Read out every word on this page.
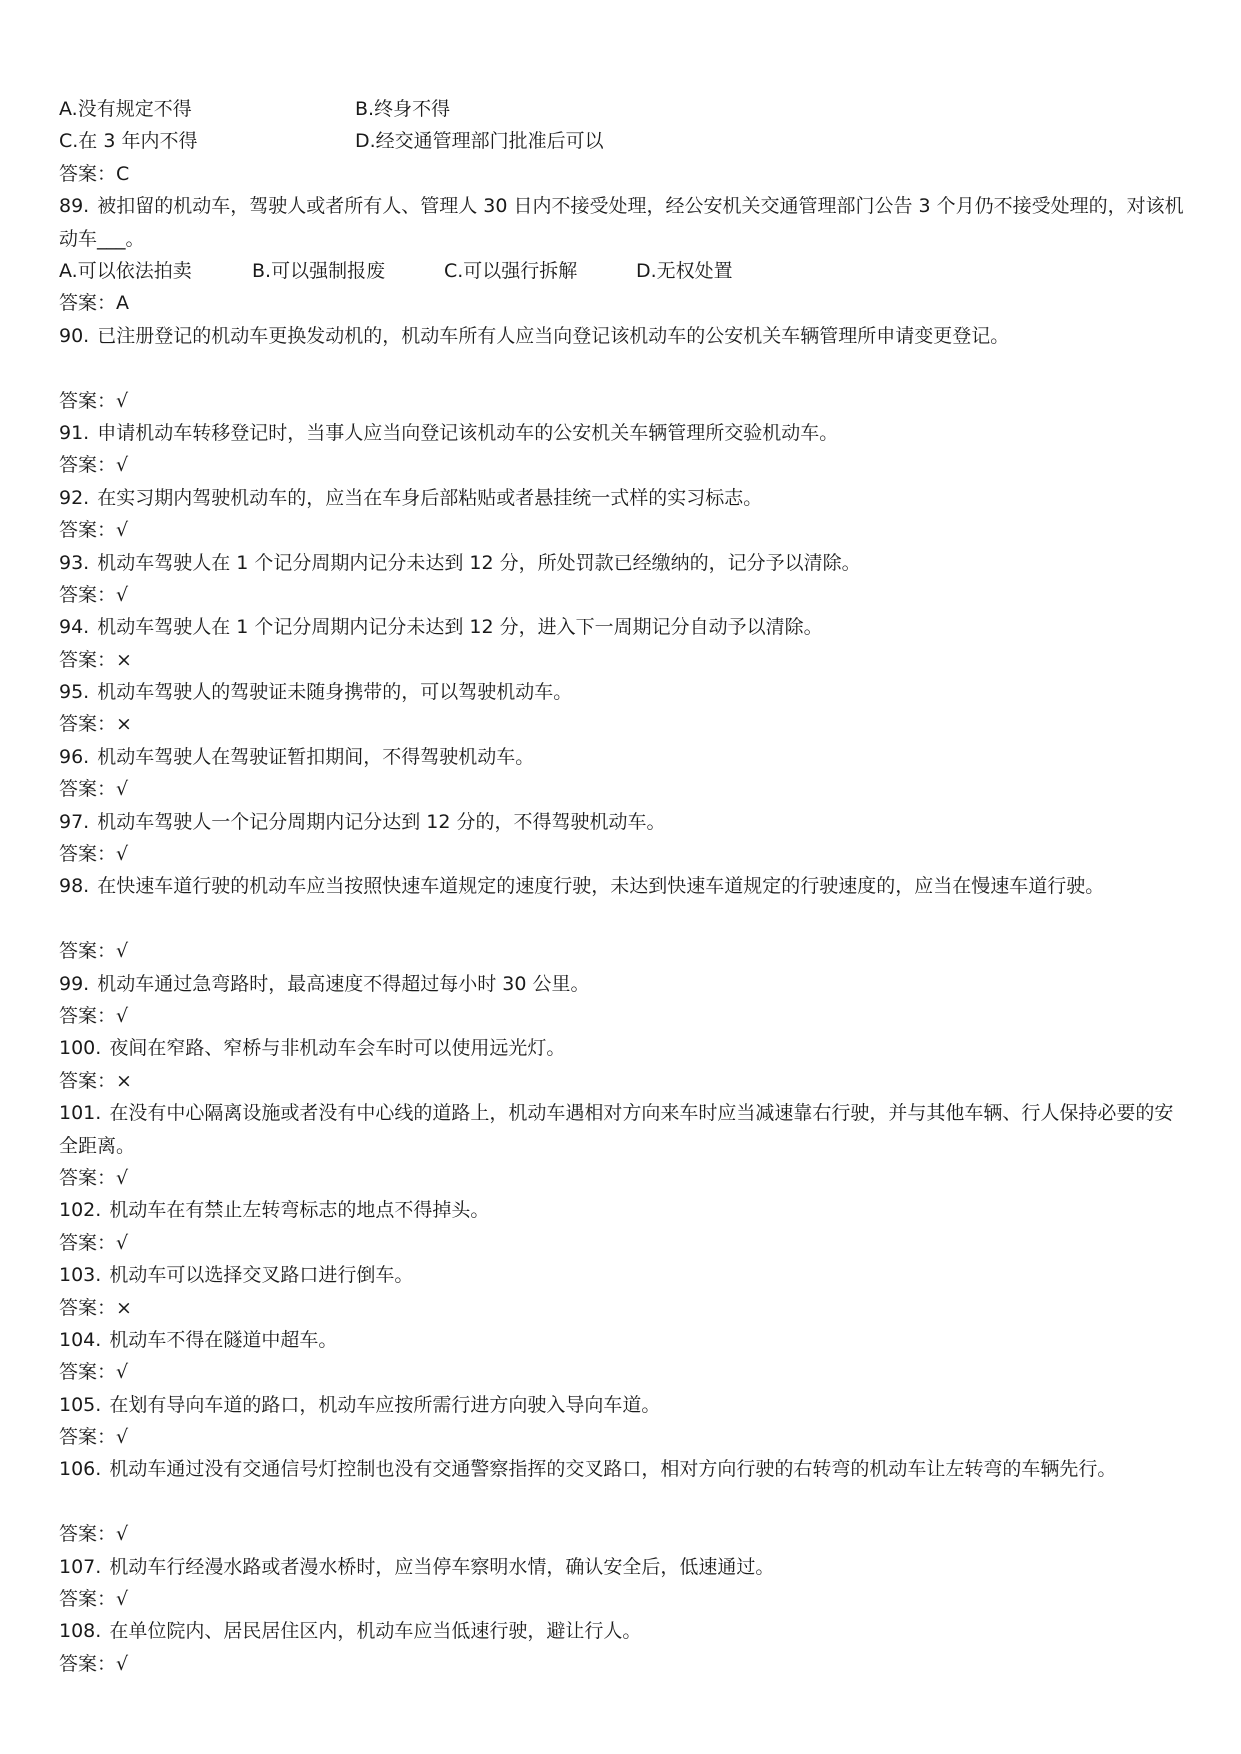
A.没有规定不得	B.终身不得
C.在 3 年内不得	D.经交通管理部门批准后可以
答案：C
89. 被扣留的机动车，驾驶人或者所有人、管理人 30 日内不接受处理，经公安机关交通管理部门公告 3 个月仍不接受处理的，对该机动车___。
A.可以依法拍卖	B.可以强制报废	C.可以强行拆解	D.无权处置
答案：A
90. 已注册登记的机动车更换发动机的，机动车所有人应当向登记该机动车的公安机关车辆管理所申请变更登记。
答案：√
91. 申请机动车转移登记时，当事人应当向登记该机动车的公安机关车辆管理所交验机动车。
答案：√
92. 在实习期内驾驶机动车的，应当在车身后部粘贴或者悬挂统一式样的实习标志。
答案：√
93. 机动车驾驶人在 1 个记分周期内记分未达到 12 分，所处罚款已经缴纳的，记分予以清除。
答案：√
94. 机动车驾驶人在 1 个记分周期内记分未达到 12 分，进入下一周期记分自动予以清除。
答案：×
95. 机动车驾驶人的驾驶证未随身携带的，可以驾驶机动车。
答案：×
96. 机动车驾驶人在驾驶证暂扣期间，不得驾驶机动车。
答案：√
97. 机动车驾驶人一个记分周期内记分达到 12 分的，不得驾驶机动车。
答案：√
98. 在快速车道行驶的机动车应当按照快速车道规定的速度行驶，未达到快速车道规定的行驶速度的，应当在慢速车道行驶。
答案：√
99. 机动车通过急弯路时，最高速度不得超过每小时 30 公里。
答案：√
100. 夜间在窄路、窄桥与非机动车会车时可以使用远光灯。
答案：×
101. 在没有中心隔离设施或者没有中心线的道路上，机动车遇相对方向来车时应当减速靠右行驶，并与其他车辆、行人保持必要的安全距离。
答案：√
102. 机动车在有禁止左转弯标志的地点不得掉头。
答案：√
103. 机动车可以选择交叉路口进行倒车。
答案：×
104. 机动车不得在隧道中超车。
答案：√
105. 在划有导向车道的路口，机动车应按所需行进方向驶入导向车道。
答案：√
106. 机动车通过没有交通信号灯控制也没有交通警察指挥的交叉路口，相对方向行驶的右转弯的机动车让左转弯的车辆先行。
答案：√
107. 机动车行经漫水路或者漫水桥时，应当停车察明水情，确认安全后，低速通过。
答案：√
108. 在单位院内、居民居住区内，机动车应当低速行驶，避让行人。
答案：√
